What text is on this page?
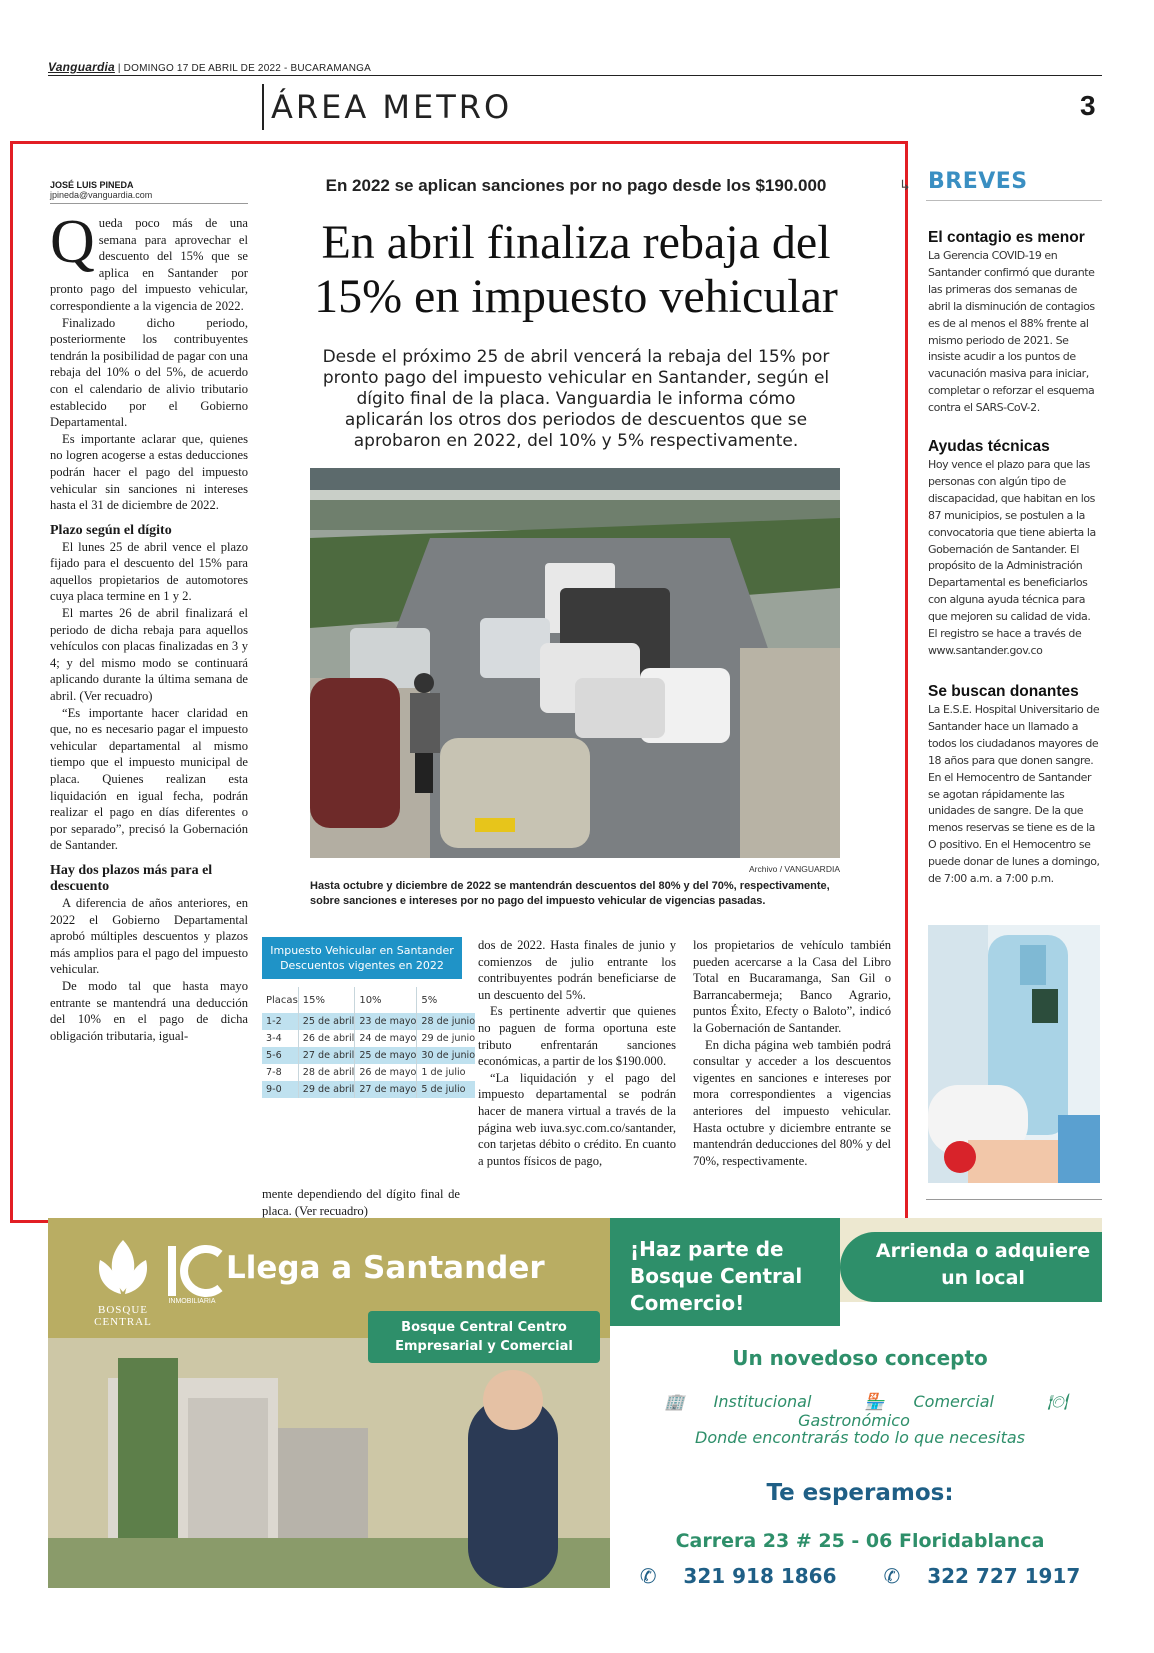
Vanguardia | DOMINGO 17 DE ABRIL DE 2022 - BUCARAMANGA
ÁREA METRO	3
JOSÉ LUIS PINEDA
jpineda@vanguardia.com

Queda poco más de una semana para aprovechar el descuento del 15% que se aplica en Santander por pronto pago del impuesto vehicular, correspondiente a la vigencia de 2022.

Finalizado dicho periodo, posteriormente los contribuyentes tendrán la posibilidad de pagar con una rebaja del 10% o del 5%, de acuerdo con el calendario de alivio tributario establecido por el Gobierno Departamental.

Es importante aclarar que, quienes no logren acogerse a estas deducciones podrán hacer el pago del impuesto vehicular sin sanciones ni intereses hasta el 31 de diciembre de 2022.

Plazo según el dígito

El lunes 25 de abril vence el plazo fijado para el descuento del 15% para aquellos propietarios de automotores cuya placa termine en 1 y 2.

El martes 26 de abril finalizará el periodo de dicha rebaja para aquellos vehículos con placas finalizadas en 3 y 4; y del mismo modo se continuará aplicando durante la última semana de abril. (Ver recuadro)

“Es importante hacer claridad en que, no es necesario pagar el impuesto vehicular departamental al mismo tiempo que el impuesto municipal de placa. Quienes realizan esta liquidación en igual fecha, podrán realizar el pago en días diferentes o por separado”, precisó la Gobernación de Santander.

Hay dos plazos más para el descuento

A diferencia de años anteriores, en 2022 el Gobierno Departamental aprobó múltiples descuentos y plazos más amplios para el pago del impuesto vehicular.

De modo tal que hasta mayo entrante se mantendrá una deducción del 10% en el pago de dicha obligación tributaria, igual-

En 2022 se aplican sanciones por no pago desde los $190.000
En abril finaliza rebaja del
15% en impuesto vehicular
Desde el próximo 25 de abril vencerá la rebaja del 15% por pronto pago del impuesto vehicular en Santander, según el dígito final de la placa. Vanguardia le informa cómo aplicarán los otros dos periodos de descuentos que se aprobaron en 2022, del 10% y 5% respectivamente.
Archivo / VANGUARDIA
Hasta octubre y diciembre de 2022 se mantendrán descuentos del 80% y del 70%, respectivamente, sobre sanciones e intereses por no pago del impuesto vehicular de vigencias pasadas.
Impuesto Vehicular en Santander
Descuentos vigentes en 2022
Placas	15%	10%	5%
1-2	25 de abril	23 de mayo	28 de junio
3-4	26 de abril	24 de mayo	29 de junio
5-6	27 de abril	25 de mayo	30 de junio
7-8	28 de abril	26 de mayo	1 de julio
9-0	29 de abril	27 de mayo	5 de julio

mente dependiendo del dígito final de placa. (Ver recuadro)

dos de 2022. Hasta finales de junio y comienzos de julio entrante los contribuyentes podrán beneficiarse de un descuento del 5%.

Es pertinente advertir que quienes no paguen de forma oportuna este tributo enfrentarán sanciones económicas, a partir de los $190.000.

“La liquidación y el pago del impuesto departamental se podrán hacer de manera virtual a través de la página web iuva.syc.com.co/santander, con tarjetas débito o crédito. En cuanto a puntos físicos de pago,

los propietarios de vehículo también pueden acercarse a la Casa del Libro Total en Bucaramanga, San Gil o Barrancabermeja; Banco Agrario, puntos Éxito, Efecty o Baloto”, indicó la Gobernación de Santander.

En dicha página web también podrá consultar y acceder a los descuentos vigentes en sanciones e intereses por mora correspondientes a vigencias anteriores del impuesto vehicular. Hasta octubre y diciembre entrante se mantendrán deducciones del 80% y del 70%, respectivamente.

↳ BREVES
El contagio es menor

La Gerencia COVID-19 en Santander confirmó que durante las primeras dos semanas de abril la disminución de contagios es de al menos el 88% frente al mismo periodo de 2021. Se insiste acudir a los puntos de vacunación masiva para iniciar, completar o reforzar el esquema contra el SARS-CoV-2.

Ayudas técnicas

Hoy vence el plazo para que las personas con algún tipo de discapacidad, que habitan en los 87 municipios, se postulen a la convocatoria que tiene abierta la Gobernación de Santander. El propósito de la Administración Departamental es beneficiarlos con alguna ayuda técnica para que mejoren su calidad de vida. El registro se hace a través de www.santander.gov.co

Se buscan donantes

La E.S.E. Hospital Universitario de Santander hace un llamado a todos los ciudadanos mayores de 18 años para que donen sangre. En el Hemocentro de Santander se agotan rápidamente las unidades de sangre. De la que menos reservas se tiene es de la O positivo. En el Hemocentro se puede donar de lunes a domingo, de 7:00 a.m. a 7:00 p.m.

BOSQUE CENTRAL
INMOBILIARIA
Llega a Santander
Bosque Central Centro
Empresarial y Comercial
¡Haz parte de Bosque Central Comercio!
Arrienda o adquiere un local
Un novedoso concepto
🏢 Institucional	🏪 Comercial	🍽 Gastronómico
Donde encontrarás todo lo que necesitas
Te esperamos:
Carrera 23 # 25 - 06 Floridablanca
✆ 321 918 1866 ✆ 322 727 1917
